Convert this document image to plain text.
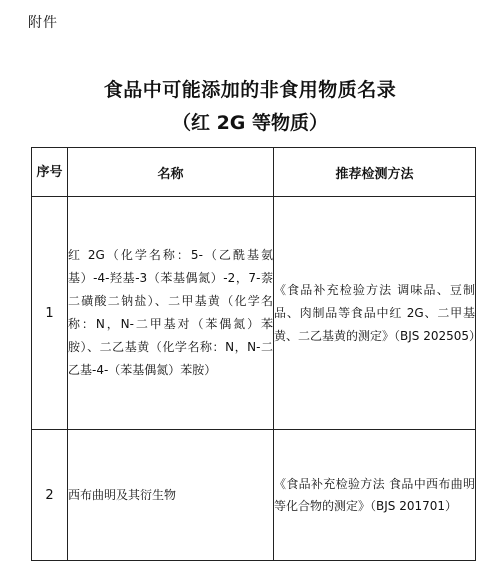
附件
食品中可能添加的非食用物质名录
（红 2G 等物质）
序号	名称	推荐检测方法
1	红 2G（化学名称：5-（乙酰基氨基）-4-羟基-3（苯基偶氮）-2，7-萘二磺酸二钠盐）、二甲基黄（化学名称：N，N-二甲基对（苯偶氮）苯胺）、二乙基黄（化学名称：N，N-二乙基-4-（苯基偶氮）苯胺）	《食品补充检验方法 调味品、豆制品、肉制品等食品中红 2G、二甲基黄、二乙基黄的测定》（BJS 202505）
2	西布曲明及其衍生物	《食品补充检验方法 食品中西布曲明等化合物的测定》（BJS 201701）
